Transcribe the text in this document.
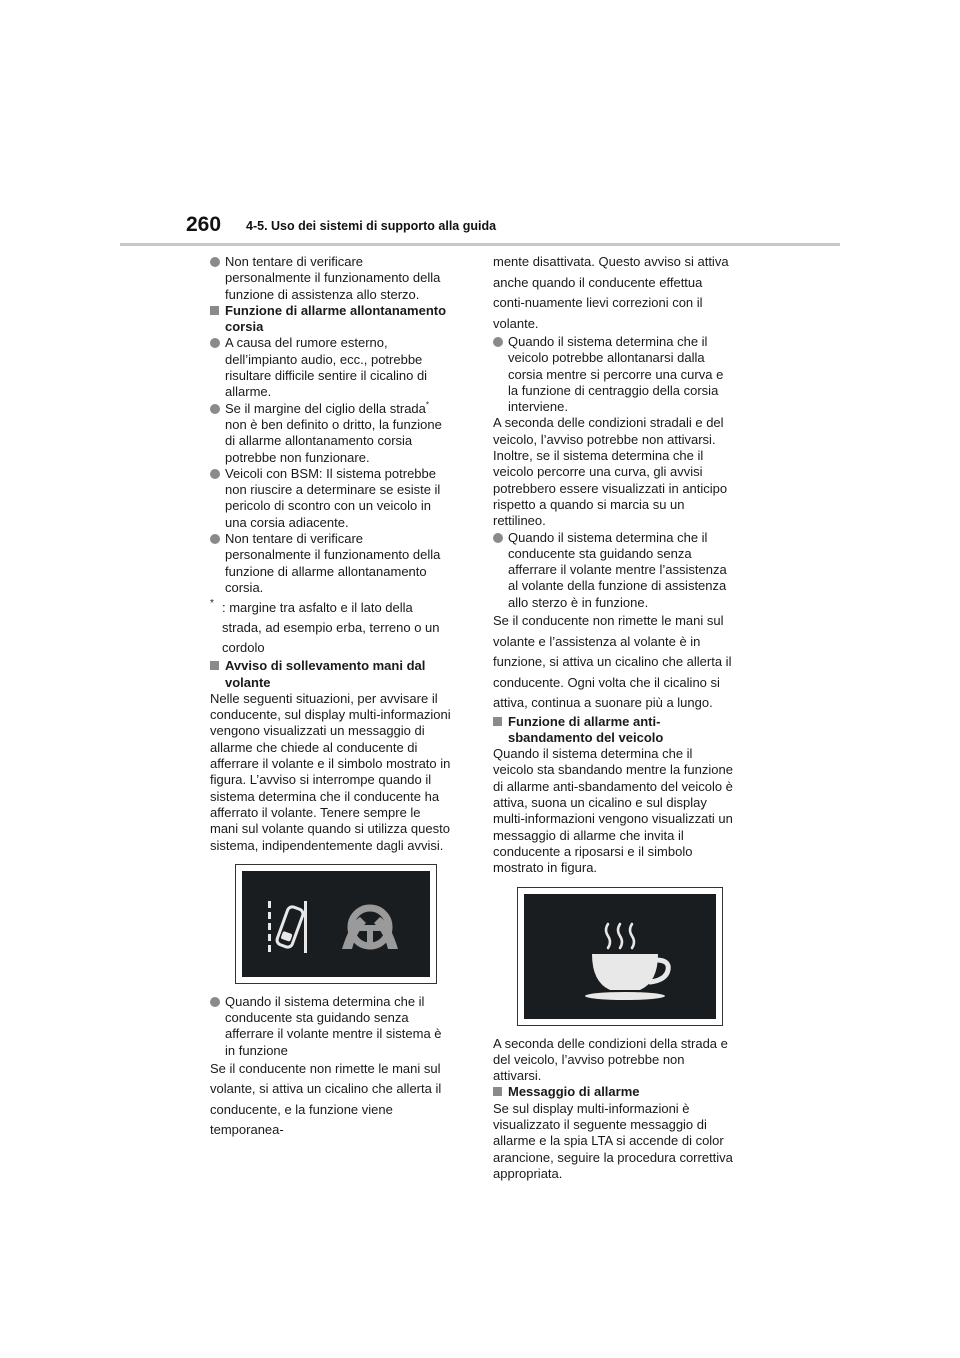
260 4-5. Uso dei sistemi di supporto alla guida

Non tentare di verificare personalmente il funzionamento della funzione di assistenza allo sterzo.

Funzione di allarme allontanamento corsia

A causa del rumore esterno, dell’impianto audio, ecc., potrebbe risultare difficile sentire il cicalino di allarme.

Se il margine del ciglio della strada* non è ben definito o dritto, la funzione di allarme allontanamento corsia potrebbe non funzionare.

Veicoli con BSM: Il sistema potrebbe non riuscire a determinare se esiste il pericolo di scontro con un veicolo in una corsia adiacente.

Non tentare di verificare personalmente il funzionamento della funzione di allarme allontanamento corsia.

* : margine tra asfalto e il lato della strada, ad esempio erba, terreno o un cordolo

Avviso di sollevamento mani dal volante

Nelle seguenti situazioni, per avvisare il conducente, sul display multi-informazioni vengono visualizzati un messaggio di allarme che chiede al conducente di afferrare il volante e il simbolo mostrato in figura. L’avviso si interrompe quando il sistema determina che il conducente ha afferrato il volante. Tenere sempre le mani sul volante quando si utilizza questo sistema, indipendentemente dagli avvisi.

Quando il sistema determina che il conducente sta guidando senza afferrare il volante mentre il sistema è in funzione

Se il conducente non rimette le mani sul volante, si attiva un cicalino che allerta il conducente, e la funzione viene temporanea-

mente disattivata. Questo avviso si attiva anche quando il conducente effettua conti-nuamente lievi correzioni con il volante.

Quando il sistema determina che il veicolo potrebbe allontanarsi dalla corsia mentre si percorre una curva e la funzione di centraggio della corsia interviene.

A seconda delle condizioni stradali e del veicolo, l’avviso potrebbe non attivarsi. Inoltre, se il sistema determina che il veicolo percorre una curva, gli avvisi potrebbero essere visualizzati in anticipo rispetto a quando si marcia su un rettilineo.

Quando il sistema determina che il conducente sta guidando senza afferrare il volante mentre l’assistenza al volante della funzione di assistenza allo sterzo è in funzione.

Se il conducente non rimette le mani sul volante e l’assistenza al volante è in funzione, si attiva un cicalino che allerta il conducente. Ogni volta che il cicalino si attiva, continua a suonare più a lungo.

Funzione di allarme anti-sbandamento del veicolo

Quando il sistema determina che il veicolo sta sbandando mentre la funzione di allarme anti-sbandamento del veicolo è attiva, suona un cicalino e sul display multi-informazioni vengono visualizzati un messaggio di allarme che invita il conducente a riposarsi e il simbolo mostrato in figura.

A seconda delle condizioni della strada e del veicolo, l’avviso potrebbe non attivarsi.

Messaggio di allarme

Se sul display multi-informazioni è visualizzato il seguente messaggio di allarme e la spia LTA si accende di color arancione, seguire la procedura correttiva appropriata.
